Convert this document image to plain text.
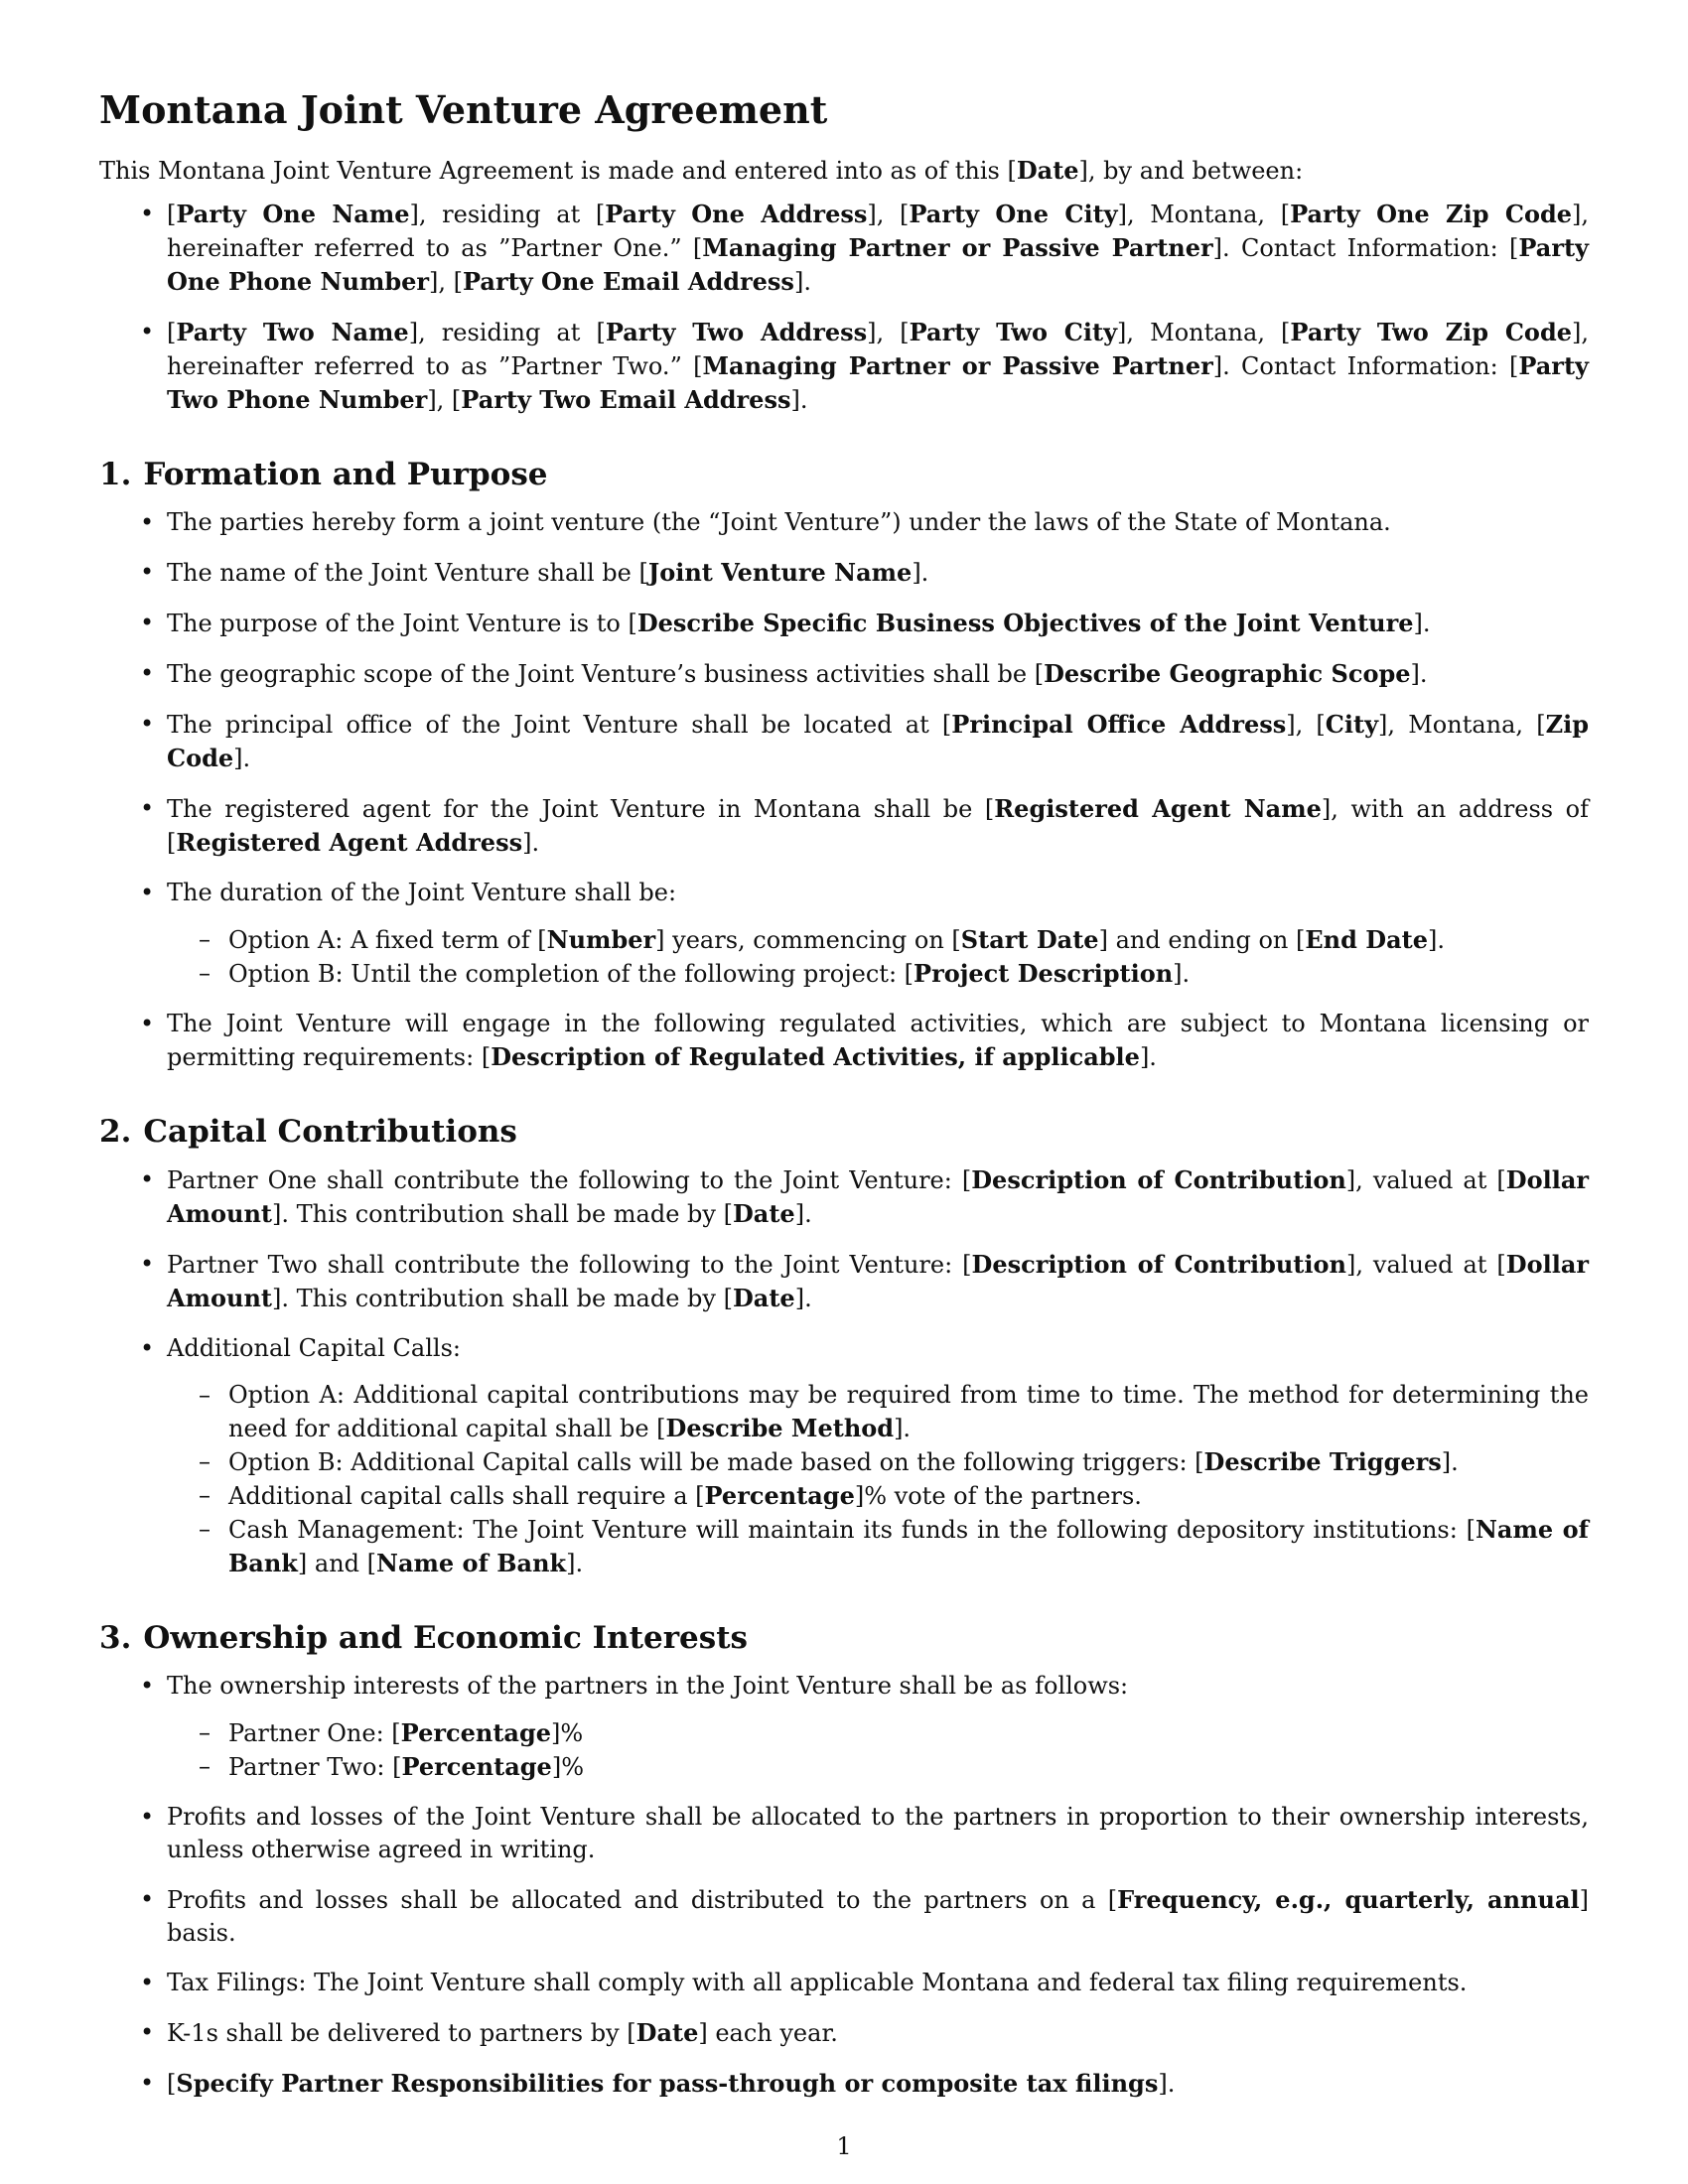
Montana Joint Venture Agreement

This Montana Joint Venture Agreement is made and entered into as of this [Date], by and between:

• [Party One Name], residing at [Party One Address], [Party One City], Montana, [Party One Zip Code], hereinafter referred to as ”Partner One.” [Managing Partner or Passive Partner]. Contact Information: [Party One Phone Number], [Party One Email Address].
• [Party Two Name], residing at [Party Two Address], [Party Two City], Montana, [Party Two Zip Code], hereinafter referred to as ”Partner Two.” [Managing Partner or Passive Partner]. Contact Information: [Party Two Phone Number], [Party Two Email Address].
1. Formation and Purpose
• The parties hereby form a joint venture (the “Joint Venture”) under the laws of the State of Montana.
• The name of the Joint Venture shall be [Joint Venture Name].
• The purpose of the Joint Venture is to [Describe Specific Business Objectives of the Joint Venture].
• The geographic scope of the Joint Venture’s business activities shall be [Describe Geographic Scope].
• The principal office of the Joint Venture shall be located at [Principal Office Address], [City], Montana, [Zip Code].
• The registered agent for the Joint Venture in Montana shall be [Registered Agent Name], with an address of [Registered Agent Address].
• The duration of the Joint Venture shall be:
– Option A: A fixed term of [Number] years, commencing on [Start Date] and ending on [End Date].
– Option B: Until the completion of the following project: [Project Description].
• The Joint Venture will engage in the following regulated activities, which are subject to Montana licensing or permitting requirements: [Description of Regulated Activities, if applicable].
2. Capital Contributions
• Partner One shall contribute the following to the Joint Venture: [Description of Contribution], valued at [Dollar Amount]. This contribution shall be made by [Date].
• Partner Two shall contribute the following to the Joint Venture: [Description of Contribution], valued at [Dollar Amount]. This contribution shall be made by [Date].
• Additional Capital Calls:
– Option A: Additional capital contributions may be required from time to time. The method for determining the need for additional capital shall be [Describe Method].
– Option B: Additional Capital calls will be made based on the following triggers: [Describe Triggers].
– Additional capital calls shall require a [Percentage]% vote of the partners.
– Cash Management: The Joint Venture will maintain its funds in the following depository institutions: [Name of Bank] and [Name of Bank].
3. Ownership and Economic Interests
• The ownership interests of the partners in the Joint Venture shall be as follows:
– Partner One: [Percentage]%
– Partner Two: [Percentage]%
• Profits and losses of the Joint Venture shall be allocated to the partners in proportion to their ownership interests, unless otherwise agreed in writing.
• Profits and losses shall be allocated and distributed to the partners on a [Frequency, e.g., quarterly, annual] basis.
• Tax Filings: The Joint Venture shall comply with all applicable Montana and federal tax filing requirements.
• K-1s shall be delivered to partners by [Date] each year.
• [Specify Partner Responsibilities for pass-through or composite tax filings].
1
